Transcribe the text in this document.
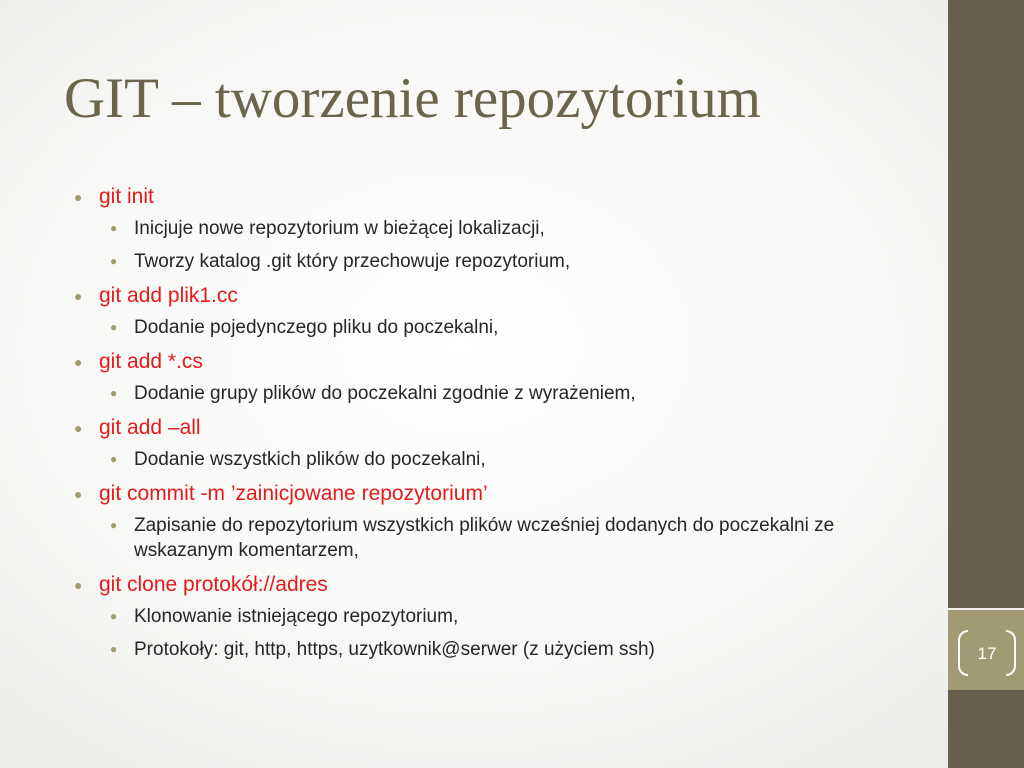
GIT – tworzenie repozytorium
● git init
● Inicjuje nowe repozytorium w bieżącej lokalizacji,
● Tworzy katalog .git który przechowuje repozytorium,
● git add plik1.cc
● Dodanie pojedynczego pliku do poczekalni,
● git add *.cs
● Dodanie grupy plików do poczekalni zgodnie z wyrażeniem,
● git add –all
● Dodanie wszystkich plików do poczekalni,
● git commit -m ’zainicjowane repozytorium’
● Zapisanie do repozytorium wszystkich plików wcześniej dodanych do poczekalni ze wskazanym komentarzem,
● git clone protokół://adres
● Klonowanie istniejącego repozytorium,
● Protokoły: git, http, https, uzytkownik@serwer (z użyciem ssh)	17
